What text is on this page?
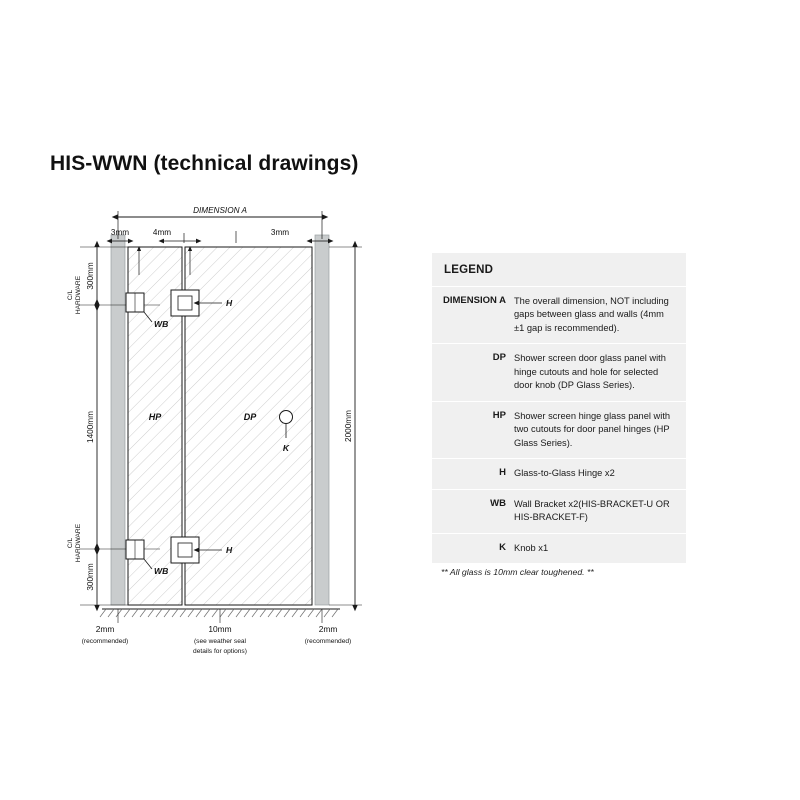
HIS-WWN (technical drawings)
DIMENSION A
3mm	4mm	3mm
300mm
1400mm
300mm
C/L HARDWARE
C/L HARDWARE
2000mm
WB
WB
H
H
K
HP	DP
2mm
(recommended)
10mm
(see weather seal
details for options)
2mm
(recommended)
LEGEND
DIMENSION A The overall dimension, NOT including gaps between glass and walls (4mm ±1 gap is recommended).
DP Shower screen door glass panel with hinge cutouts and hole for selected door knob (DP Glass Series).
HP Shower screen hinge glass panel with two cutouts for door panel hinges (HP Glass Series).
H Glass-to-Glass Hinge x2
WB Wall Bracket x2(HIS-BRACKET-U OR HIS-BRACKET-F)
K Knob x1
** All glass is 10mm clear toughened. **
